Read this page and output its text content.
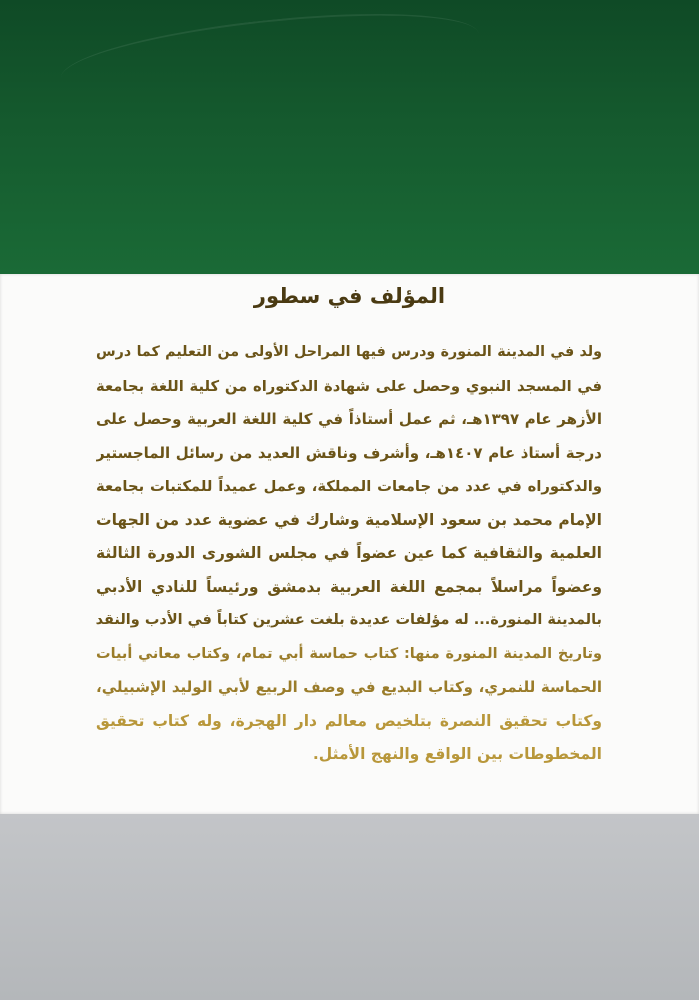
المؤلف في سطور
ولد في المدينة المنورة ودرس فيها المراحل الأولى من التعليم كما درس
في المسجد النبوي وحصل على شهادة الدكتوراه من كلية اللغة بجامعة
الأزهر عام ١٣٩٧هـ، ثم عمل أستاذاً في كلية اللغة العربية وحصل على
درجة أستاذ عام ١٤٠٧هـ، وأشرف وناقش العديد من رسائل الماجستير
والدكتوراه في عدد من جامعات المملكة، وعمل عميداً للمكتبات بجامعة
الإمام محمد بن سعود الإسلامية وشارك في عضوية عدد من الجهات
العلمية والثقافية كما عين عضواً في مجلس الشورى الدورة الثالثة
وعضواً مراسلاً بمجمع اللغة العربية بدمشق ورئيساً للنادي الأدبي
بالمدينة المنورة... له مؤلفات عديدة بلغت عشرين كتاباً في الأدب والنقد
وتاريخ المدينة المنورة منها: كتاب حماسة أبي تمام، وكتاب معاني أبيات
الحماسة للنمري، وكتاب البديع في وصف الربيع لأبي الوليد الإشبيلي،
وكتاب تحقيق النصرة بتلخيص معالم دار الهجرة، وله كتاب تحقيق
المخطوطات بين الواقع والنهج الأمثل.
